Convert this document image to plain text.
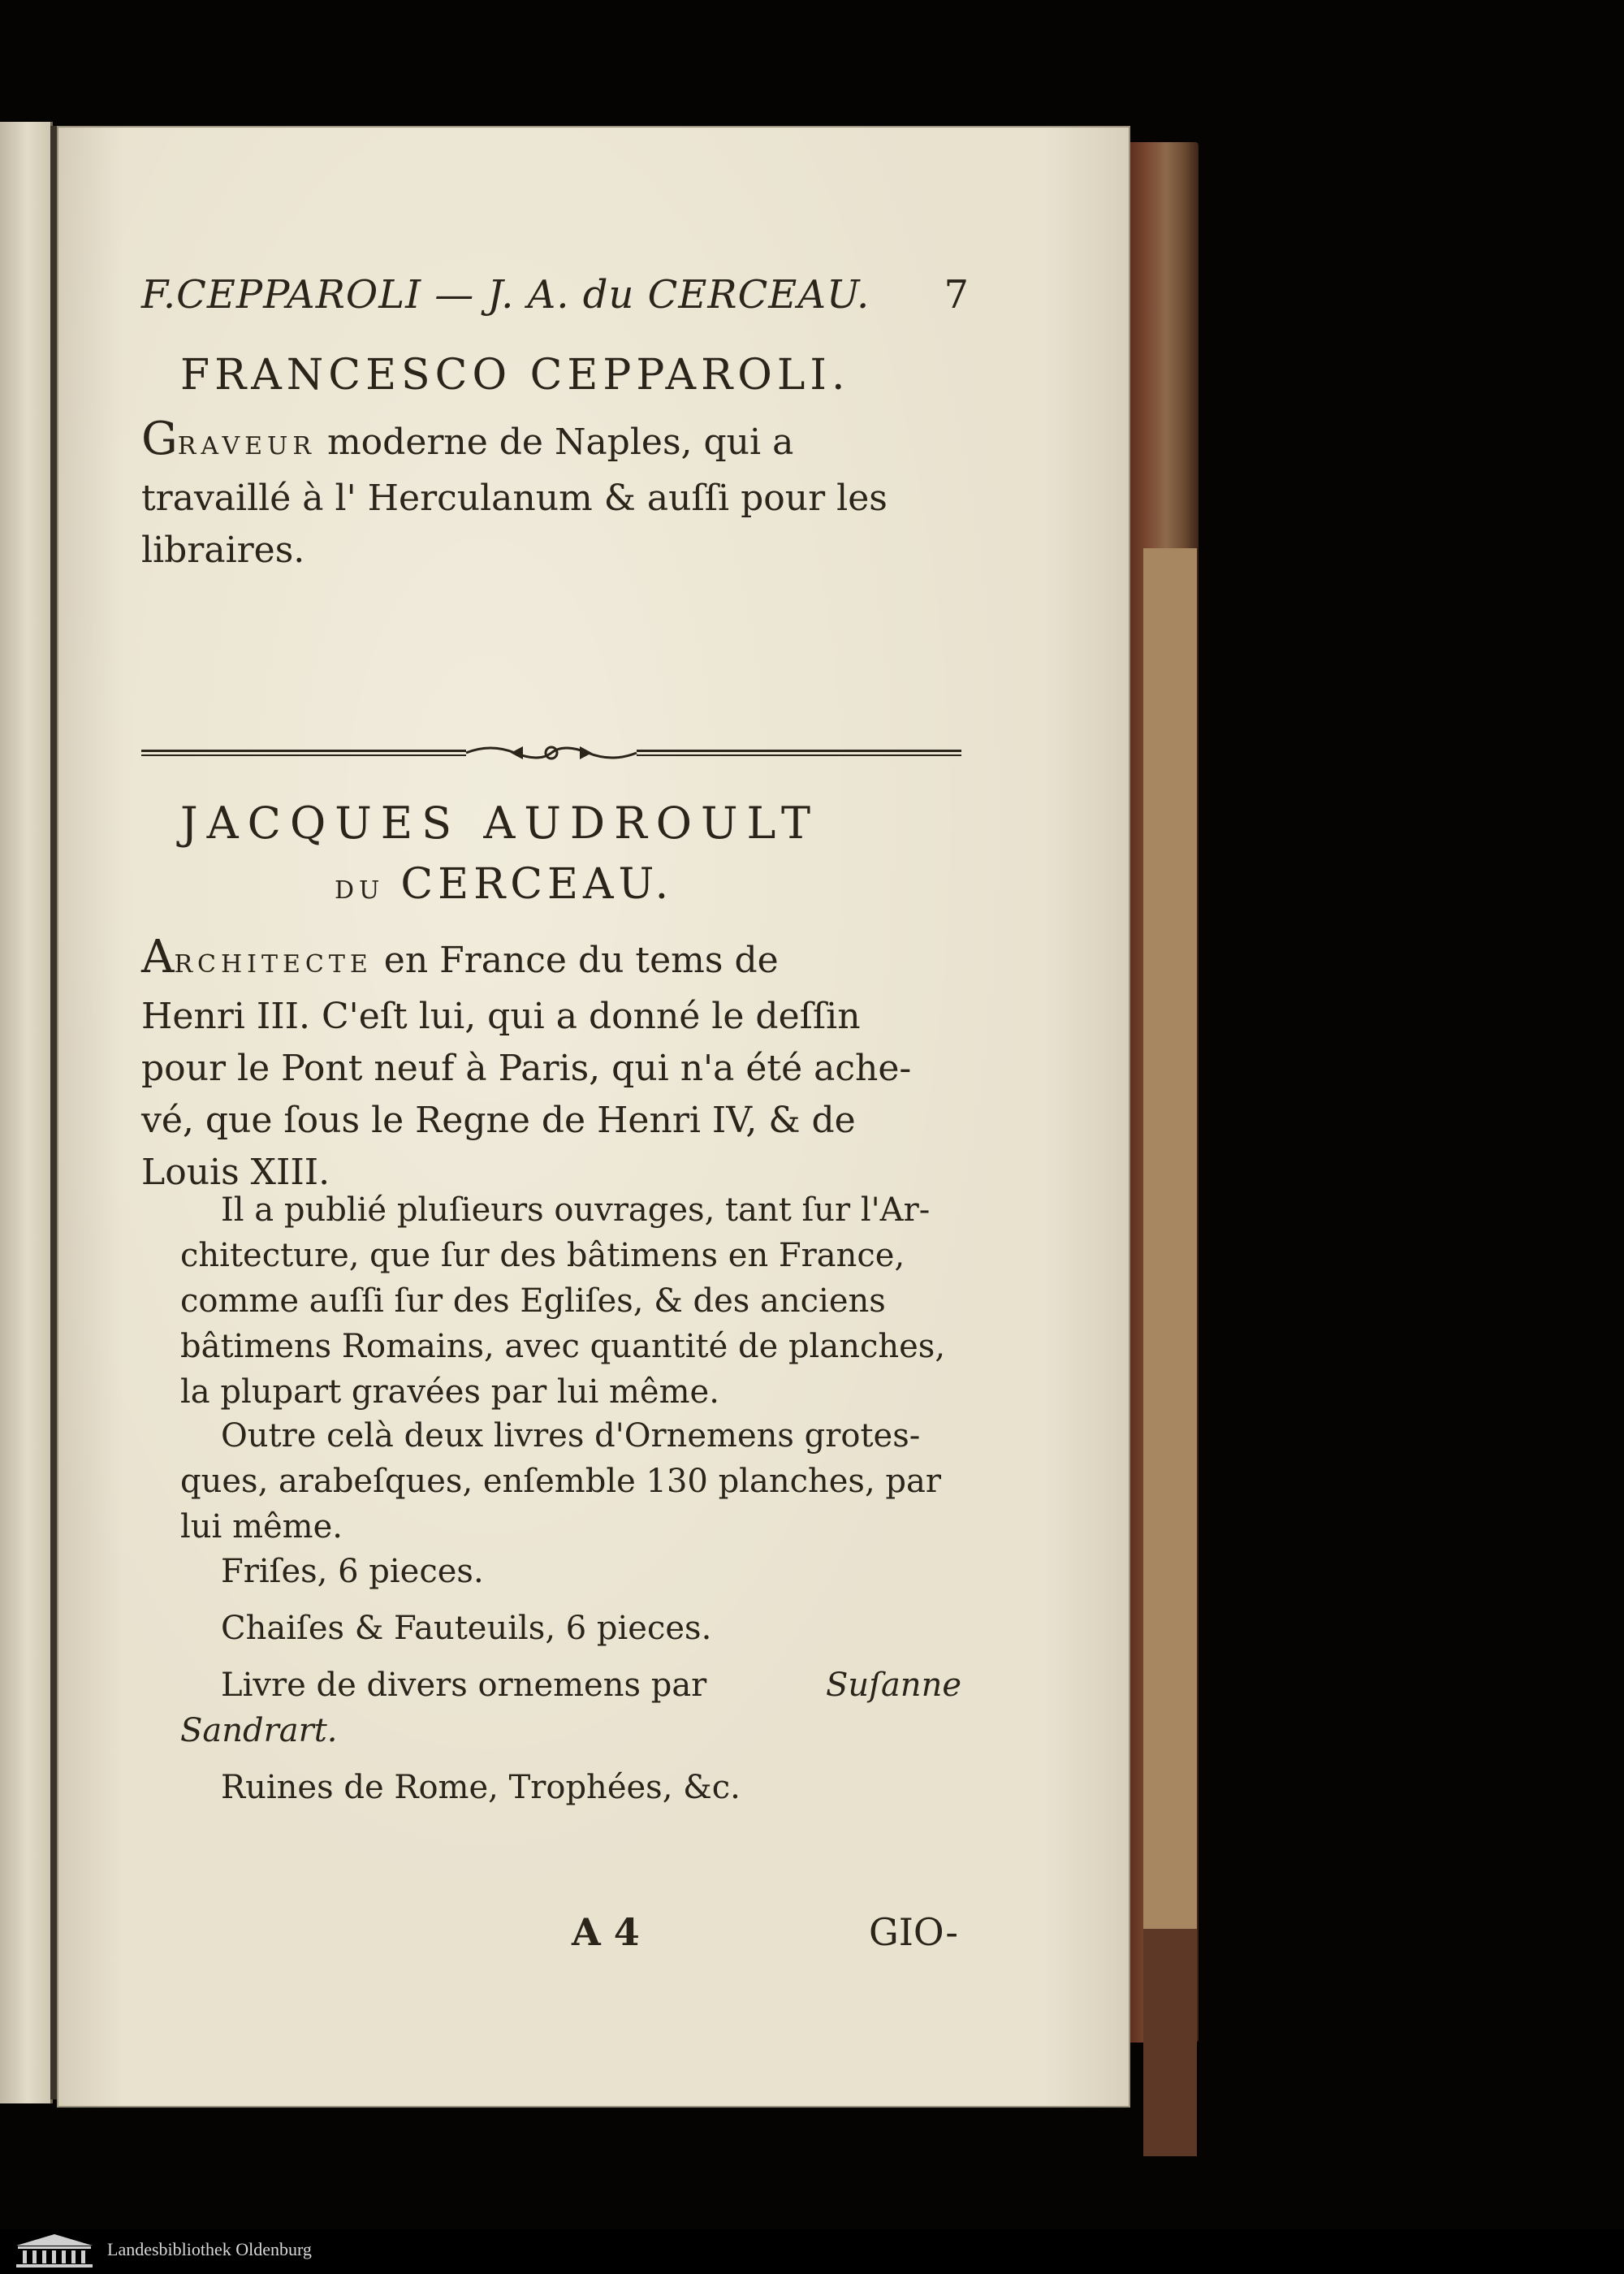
F.CEPPAROLI — J. A. du CERCEAU. 7
FRANCESCO CEPPAROLI.
GRAVEUR moderne de Naples, qui a
travaillé à l' Herculanum & auſſi pour les
libraires.
JACQUES AUDROULT
DU CERCEAU.
ARCHITECTE en France du tems de
Henri III. C'eſt lui, qui a donné le deſſin
pour le Pont neuf à Paris, qui n'a été ache-
vé, que ſous le Regne de Henri IV, & de
Louis XIII.
Il a publié pluſieurs ouvrages, tant ſur l'Ar-
chitecture, que ſur des bâtimens en France,
comme auſſi ſur des Egliſes, & des anciens
bâtimens Romains, avec quantité de planches,
la plupart gravées par lui même.
Outre celà deux livres d'Ornemens grotes-
ques, arabeſques, enſemble 130 planches, par
lui même.
Friſes, 6 pieces.
Chaiſes & Fauteuils, 6 pieces.
Livre de divers ornemens par	Suſanne
Sandrart.
Ruines de Rome, Trophées, &c.
A 4	GIO-
Landesbibliothek Oldenburg
